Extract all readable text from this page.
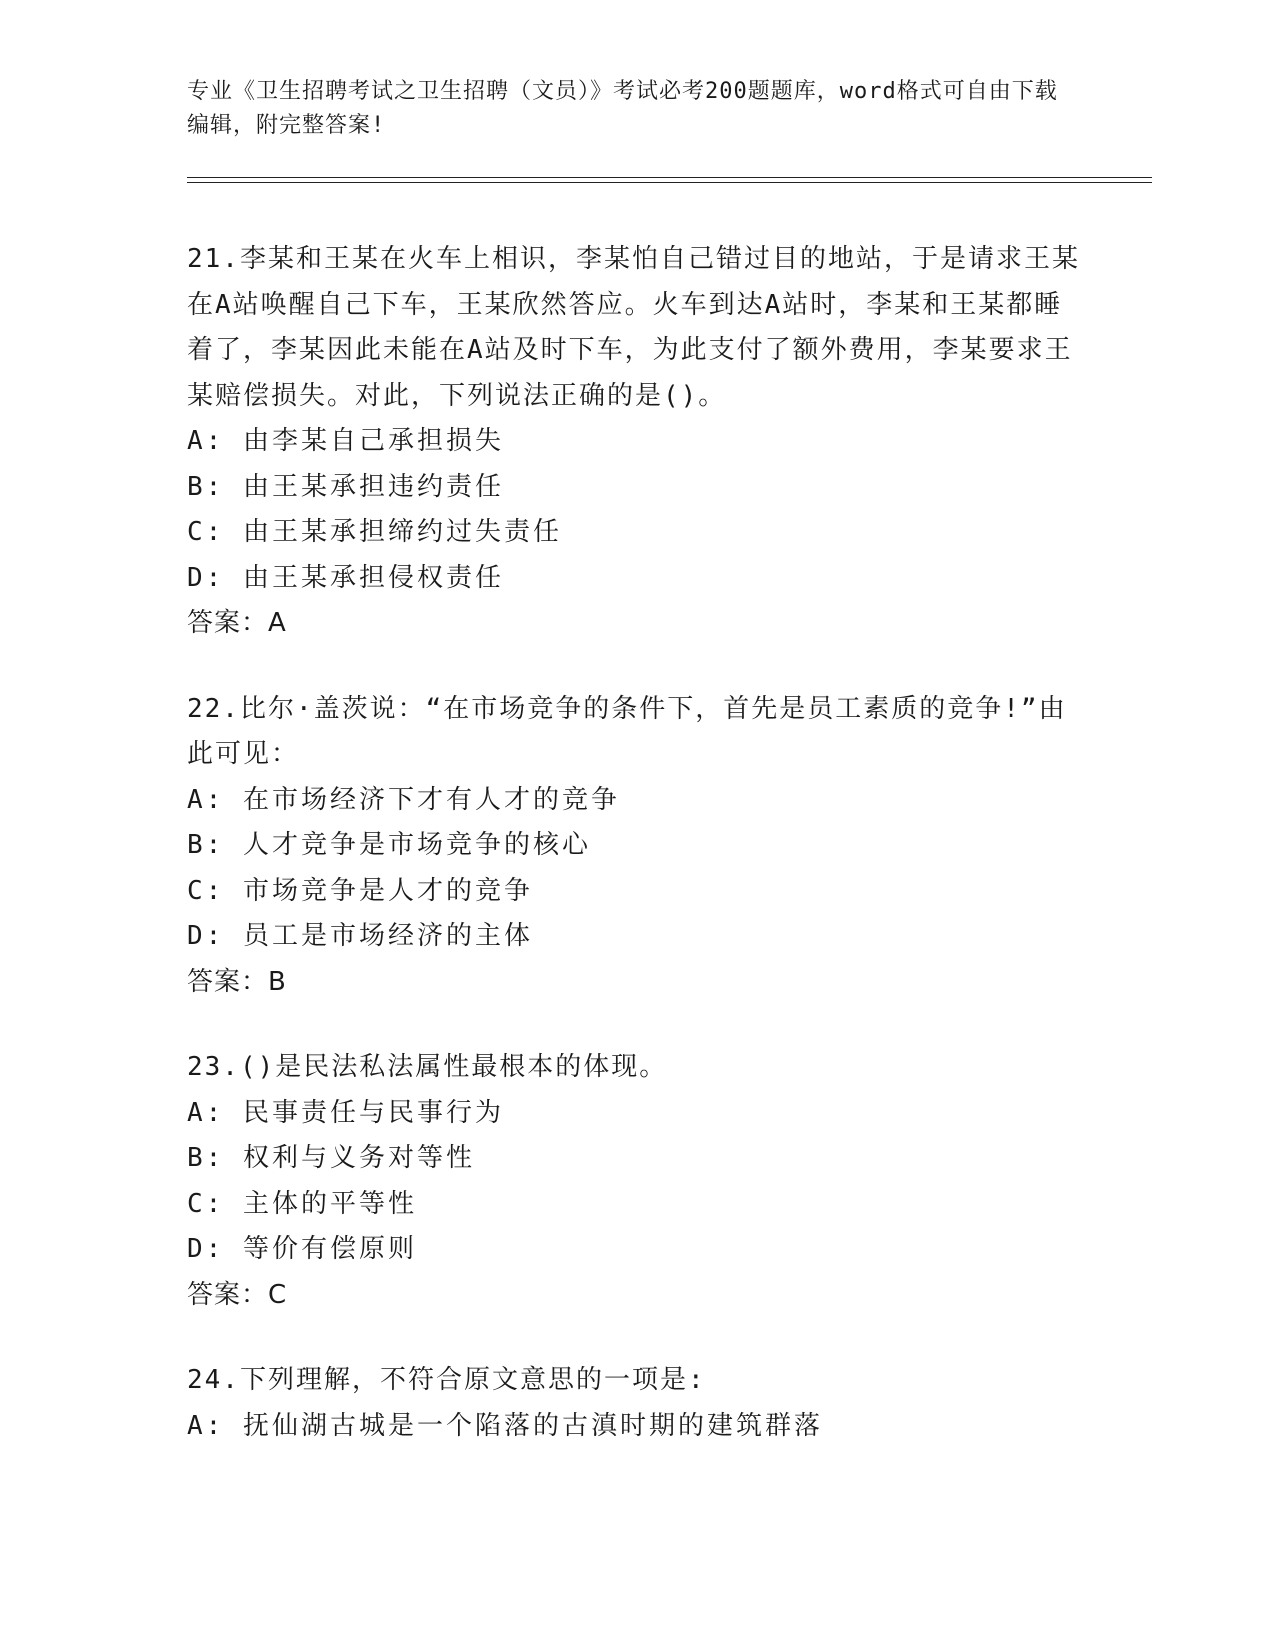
专业《卫生招聘考试之卫生招聘（文员）》考试必考200题题库，word格式可自由下载编辑，附完整答案!

21.李某和王某在火车上相识，李某怕自己错过目的地站，于是请求王某在A站唤醒自己下车，王某欣然答应。火车到达A站时，李某和王某都睡着了，李某因此未能在A站及时下车，为此支付了额外费用，李某要求王某赔偿损失。对此，下列说法正确的是()。

A: 由李某自己承担损失

B: 由王某承担违约责任

C: 由王某承担缔约过失责任

D: 由王某承担侵权责任

答案：A

22.比尔·盖茨说：“在市场竞争的条件下，首先是员工素质的竞争!”由此可见：

A: 在市场经济下才有人才的竞争

B: 人才竞争是市场竞争的核心

C: 市场竞争是人才的竞争

D: 员工是市场经济的主体

答案：B

23.()是民法私法属性最根本的体现。

A: 民事责任与民事行为

B: 权利与义务对等性

C: 主体的平等性

D: 等价有偿原则

答案：C

24.下列理解，不符合原文意思的一项是:

A: 抚仙湖古城是一个陷落的古滇时期的建筑群落
